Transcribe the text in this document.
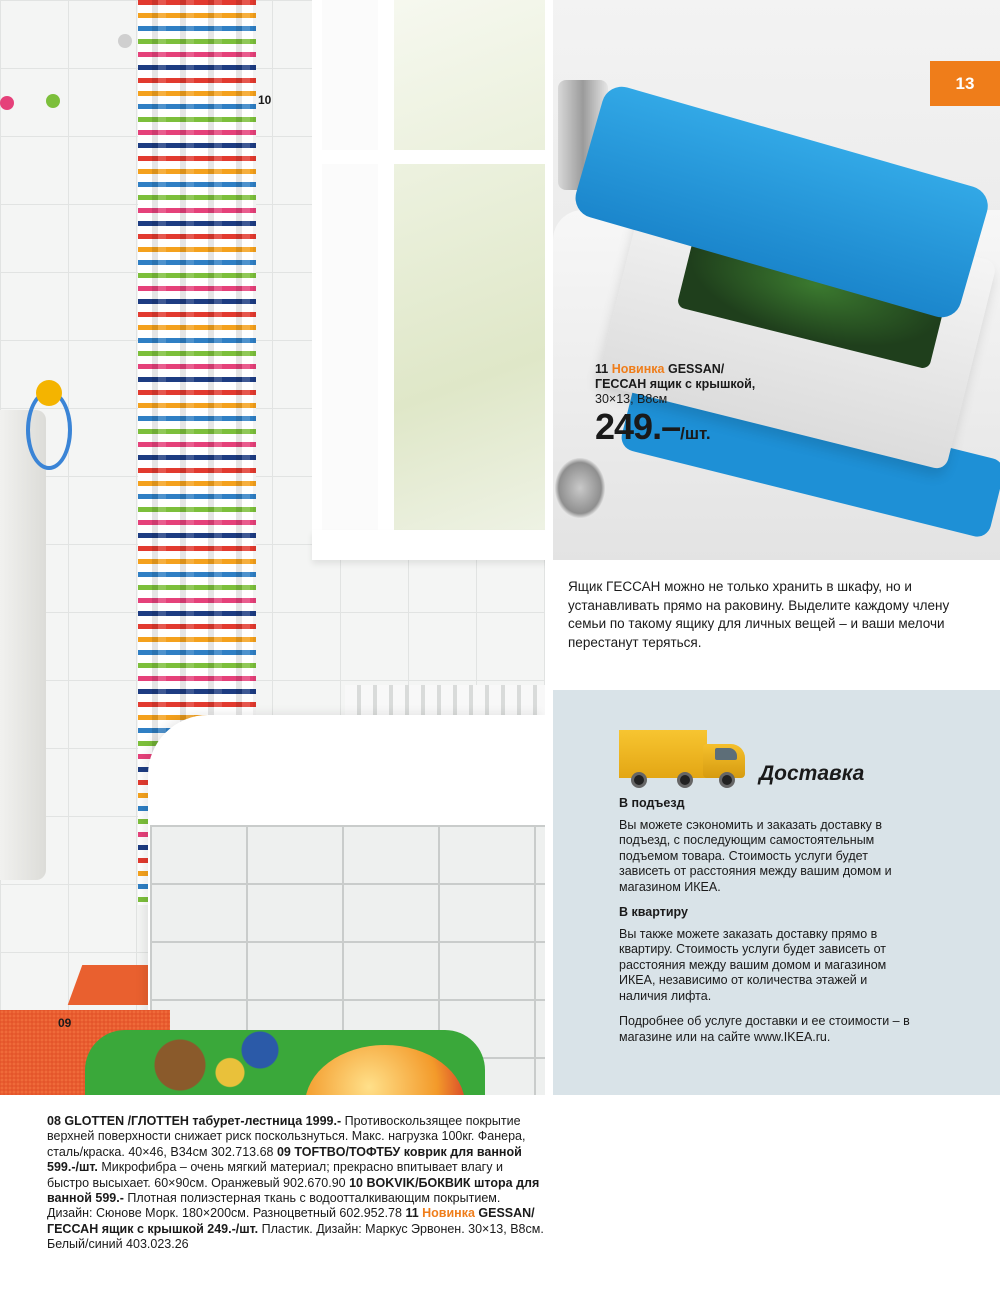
10
09
13
11 Новинка GESSAN/
ГЕССАН ящик с крышкой,
30×13, В8см
249.–/шт.
Ящик ГЕССАН можно не только хранить в шкафу, но и устанавливать прямо на раковину. Выделите каждому члену семьи по такому ящику для личных вещей – и ваши мелочи перестанут теряться.
Доставка
В подъезд

Вы можете сэкономить и заказать доставку в подъезд, с последующим самостоятельным подъемом товара. Стоимость услуги будет зависеть от расстояния между вашим домом и магазином ИКЕА.

В квартиру

Вы также можете заказать доставку прямо в квартиру. Стоимость услуги будет зависеть от расстояния между вашим домом и магазином ИКЕА, независимо от количества этажей и наличия лифта.

Подробнее об услуге доставки и ее стоимости – в магазине или на сайте www.IKEA.ru.

08 GLOTTEN /ГЛОТТЕН табурет-лестница 1999.- Противоскользящее покрытие верхней поверхности снижает риск поскользнуться. Макс. нагрузка 100кг. Фанера, сталь/краска. 40×46, В34см 302.713.68 09 TOFTBO/ТОФТБУ коврик для ванной 599.-/шт. Микрофибра – очень мягкий материал; прекрасно впитывает влагу и быстро высыхает. 60×90см. Оранжевый 902.670.90 10 BOKVIK/БОКВИК штора для ванной 599.- Плотная полиэстерная ткань с водоотталкивающим покрытием. Дизайн: Сюнове Морк. 180×200см. Разноцветный 602.952.78 11 Новинка GESSAN/ГЕССАН ящик с крышкой 249.-/шт. Пластик. Дизайн: Маркус Эрвонен. 30×13, В8см. Белый/синий 403.023.26
